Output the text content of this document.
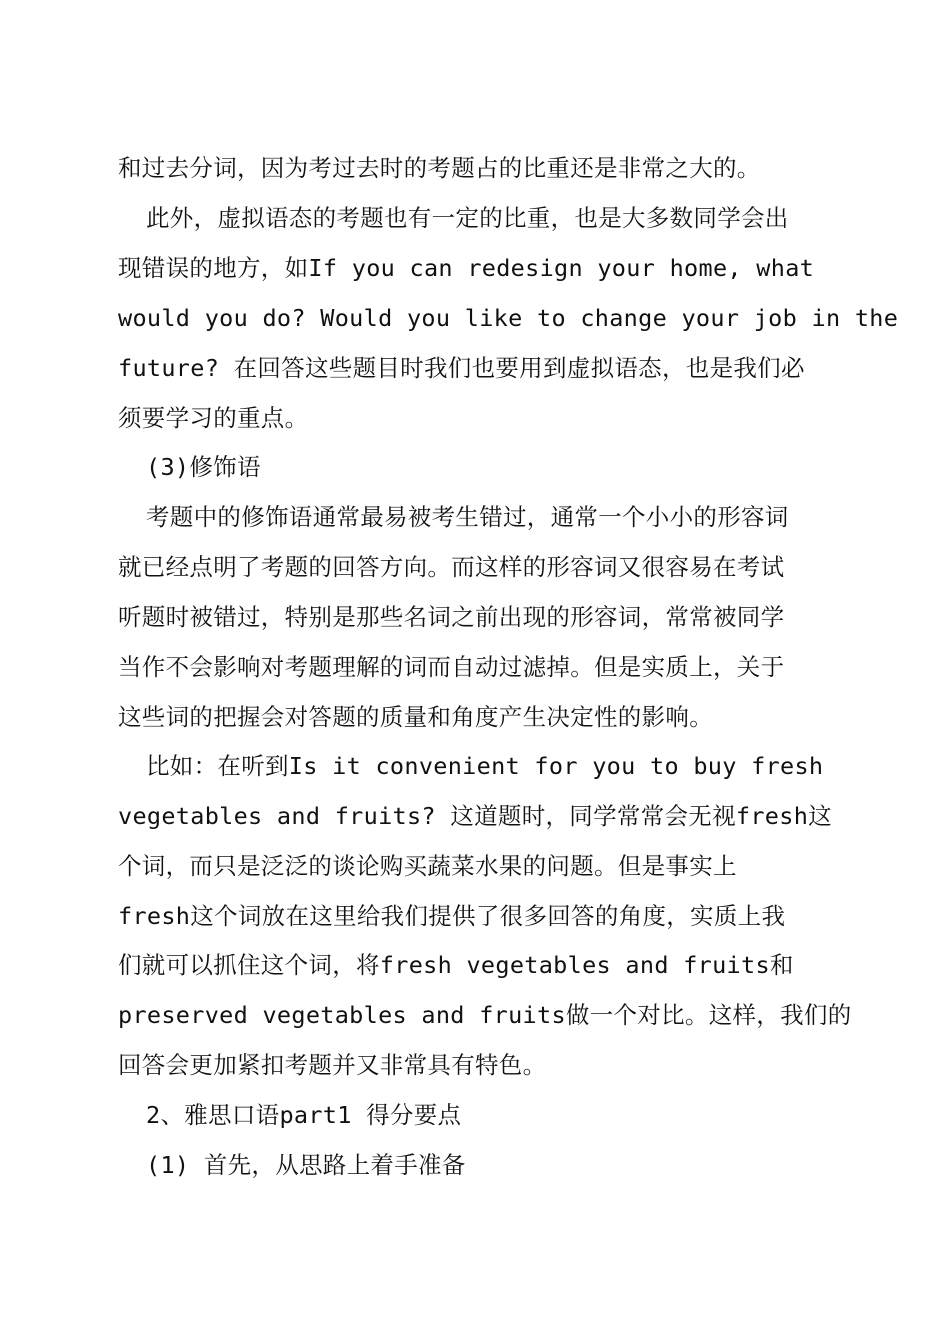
和过去分词，因为考过去时的考题占的比重还是非常之大的。
此外，虚拟语态的考题也有一定的比重，也是大多数同学会出
现错误的地方，如If you can redesign your home, what
would you do? Would you like to change your job in the
future? 在回答这些题目时我们也要用到虚拟语态，也是我们必
须要学习的重点。
(3)修饰语
考题中的修饰语通常最易被考生错过，通常一个小小的形容词
就已经点明了考题的回答方向。而这样的形容词又很容易在考试
听题时被错过，特别是那些名词之前出现的形容词，常常被同学
当作不会影响对考题理解的词而自动过滤掉。但是实质上，关于
这些词的把握会对答题的质量和角度产生决定性的影响。
比如：在听到Is it convenient for you to buy fresh
vegetables and fruits? 这道题时，同学常常会无视fresh这
个词，而只是泛泛的谈论购买蔬菜水果的问题。但是事实上
fresh这个词放在这里给我们提供了很多回答的角度，实质上我
们就可以抓住这个词，将fresh vegetables and fruits和
preserved vegetables and fruits做一个对比。这样，我们的
回答会更加紧扣考题并又非常具有特色。
2、雅思口语part1 得分要点
(1) 首先，从思路上着手准备
